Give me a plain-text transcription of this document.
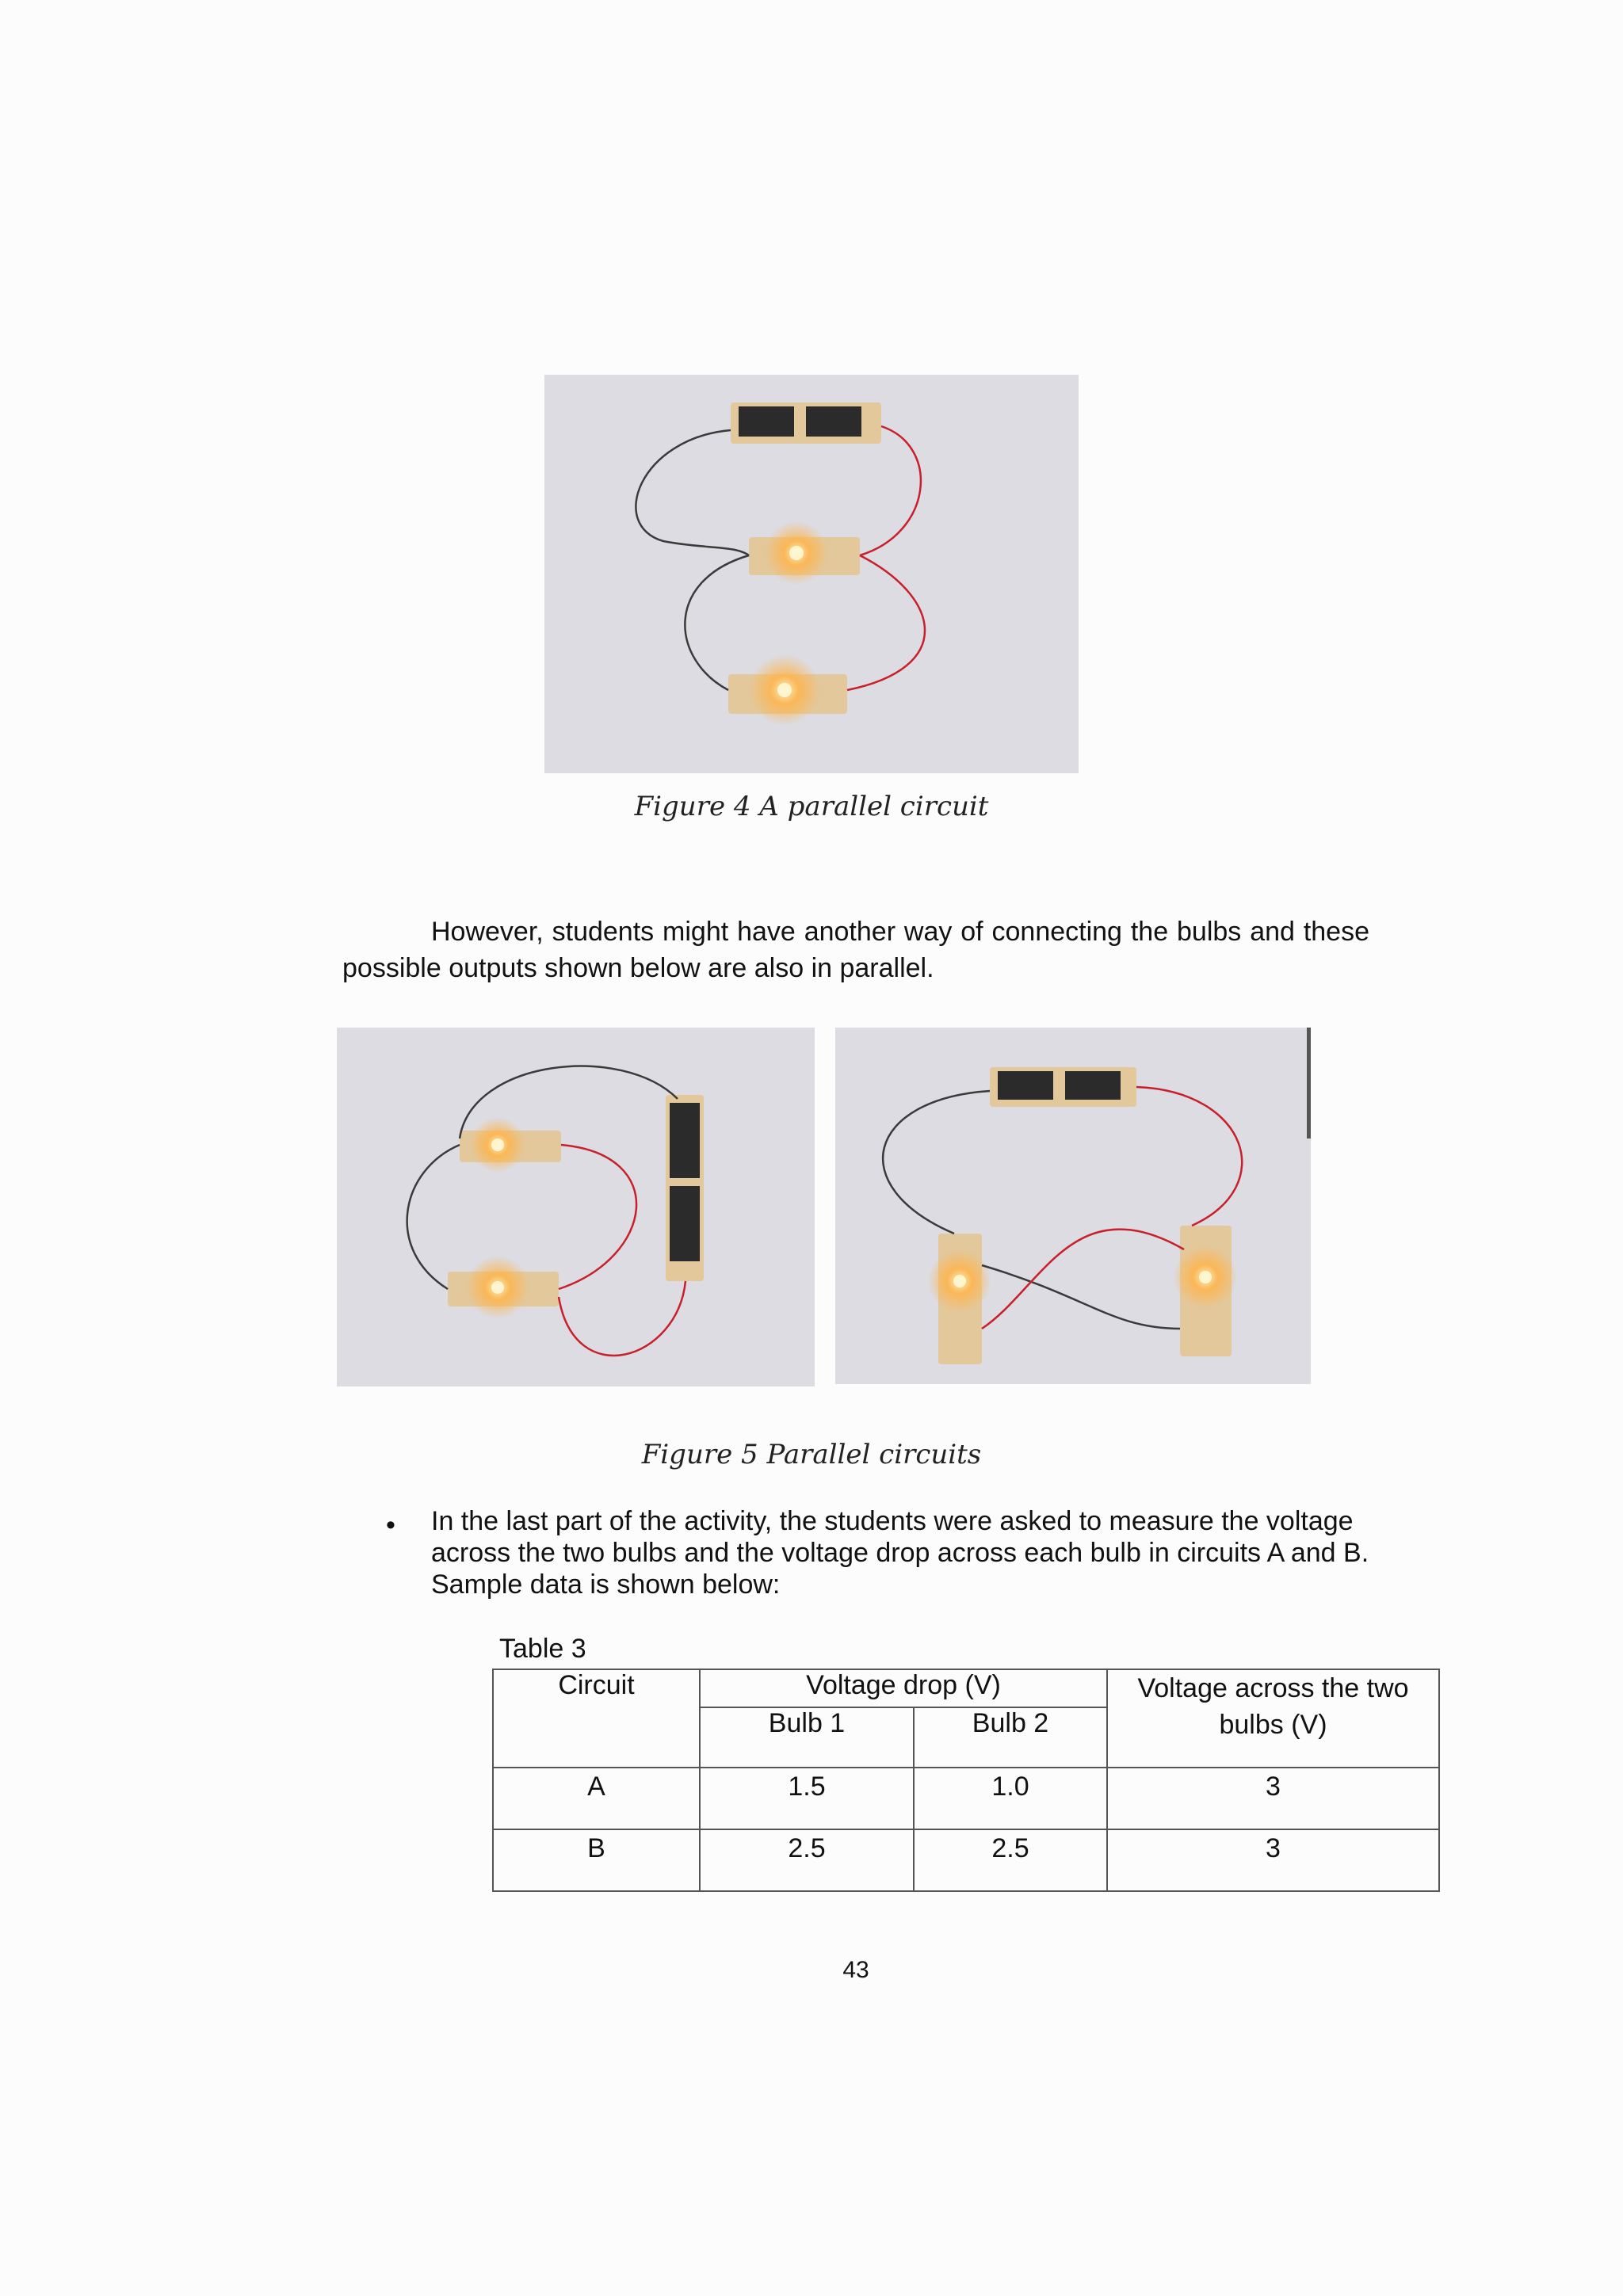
Figure 4 A parallel circuit
However, students might have another way of connecting the bulbs and these possible outputs shown below are also in parallel.
Figure 5 Parallel circuits
• In the last part of the activity, the students were asked to measure the voltage across the two bulbs and the voltage drop across each bulb in circuits A and B. Sample data is shown below:
Table 3
Circuit	Voltage drop (V)		Voltage across the two bulbs (V)
	Bulb 1	Bulb 2	
A	1.5	1.0	3
B	2.5	2.5	3
43
